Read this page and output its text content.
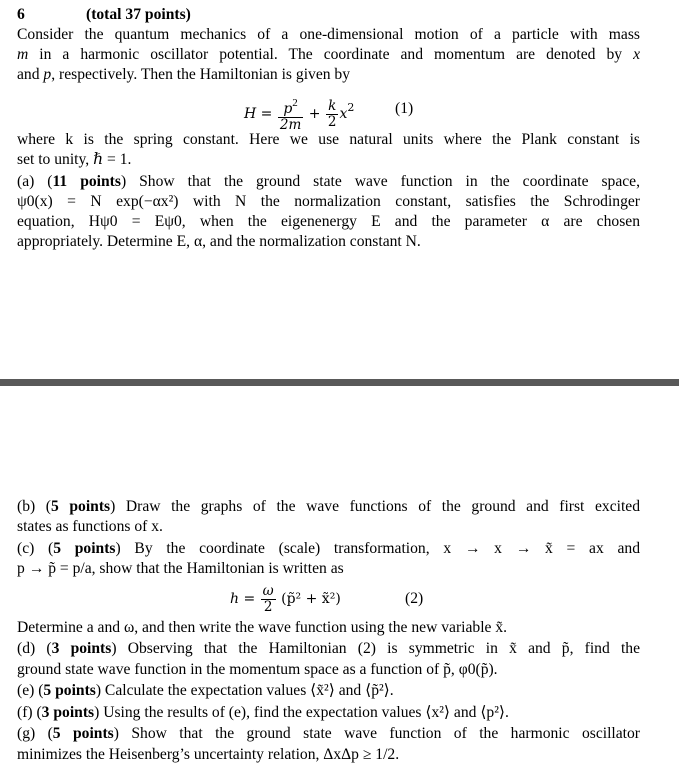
6	(total 37 points)
Consider the quantum mechanics of a one-dimensional motion of a particle with mass
m in a harmonic oscillator potential. The coordinate and momentum are denoted by x
and p, respectively. Then the Hamiltonian is given by
$H = \frac{p^2}{2m} + \frac{k}{2} x^2$	(1)
where k is the spring constant. Here we use natural units where the Plank constant is
set to unity, ℏ = 1.
(a) (11 points) Show that the ground state wave function in the coordinate space,
ψ0(x) = N exp(−αx²) with N the normalization constant, satisfies the Schrodinger
equation, Hψ0 = Eψ0, when the eigenenergy E and the parameter α are chosen
appropriately. Determine E, α, and the normalization constant N.
(b) (5 points) Draw the graphs of the wave functions of the ground and first excited
states as functions of x.
(c) (5 points) By the coordinate (scale) transformation, x → x → x̃ = ax and
p → p̃ = p/a, show that the Hamiltonian is written as
$h = \frac{\omega}{2}$ (p̃² + x̃²)	(2)
Determine a and ω, and then write the wave function using the new variable x̃.
(d) (3 points) Observing that the Hamiltonian (2) is symmetric in x̃ and p̃, find the
ground state wave function in the momentum space as a function of p̃, φ0(p̃).
(e) (5 points) Calculate the expectation values ⟨x̃²⟩ and ⟨p̃²⟩.
(f) (3 points) Using the results of (e), find the expectation values ⟨x²⟩ and ⟨p²⟩.
(g) (5 points) Show that the ground state wave function of the harmonic oscillator
minimizes the Heisenberg’s uncertainty relation, ΔxΔp ≥ 1/2.
